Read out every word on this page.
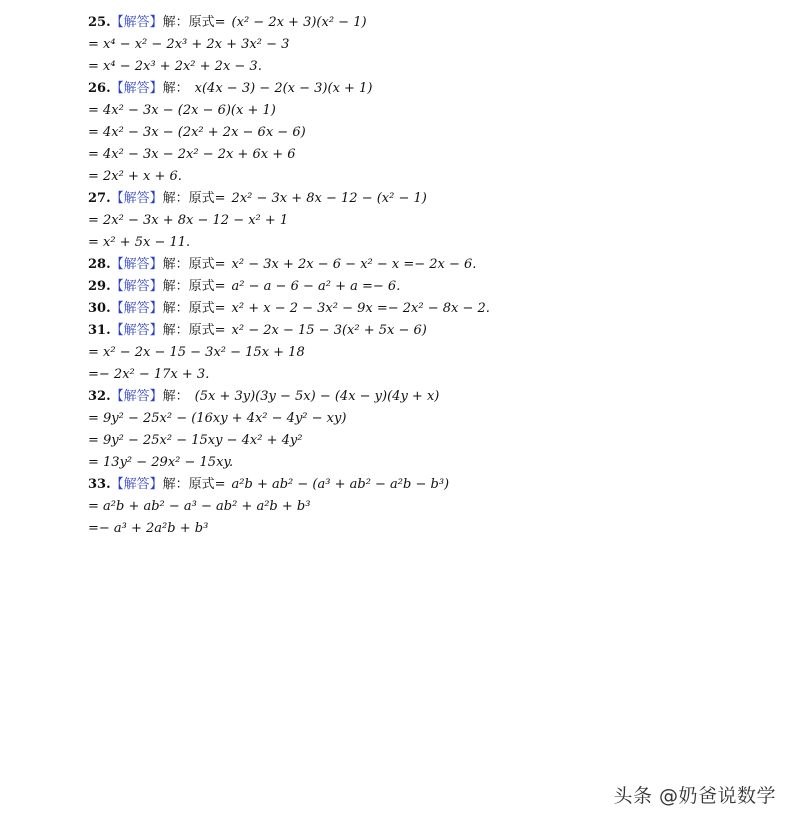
25.【解答】解：原式= (x² − 2x + 3)(x² − 1)
= x⁴ − x² − 2x³ + 2x + 3x² − 3
= x⁴ − 2x³ + 2x² + 2x − 3.
26.【解答】解： x(4x − 3) − 2(x − 3)(x + 1)
= 4x² − 3x − (2x − 6)(x + 1)
= 4x² − 3x − (2x² + 2x − 6x − 6)
= 4x² − 3x − 2x² − 2x + 6x + 6
= 2x² + x + 6.
27.【解答】解：原式= 2x² − 3x + 8x − 12 − (x² − 1)
= 2x² − 3x + 8x − 12 − x² + 1
= x² + 5x − 11.
28.【解答】解：原式= x² − 3x + 2x − 6 − x² − x =− 2x − 6.
29.【解答】解：原式= a² − a − 6 − a² + a =− 6.
30.【解答】解：原式= x² + x − 2 − 3x² − 9x =− 2x² − 8x − 2.
31.【解答】解：原式= x² − 2x − 15 − 3(x² + 5x − 6)
= x² − 2x − 15 − 3x² − 15x + 18
=− 2x² − 17x + 3.
32.【解答】解： (5x + 3y)(3y − 5x) − (4x − y)(4y + x)
= 9y² − 25x² − (16xy + 4x² − 4y² − xy)
= 9y² − 25x² − 15xy − 4x² + 4y²
= 13y² − 29x² − 15xy.
33.【解答】解：原式= a²b + ab² − (a³ + ab² − a²b − b³)
= a²b + ab² − a³ − ab² + a²b + b³
=− a³ + 2a²b + b³
头条 @奶爸说数学
